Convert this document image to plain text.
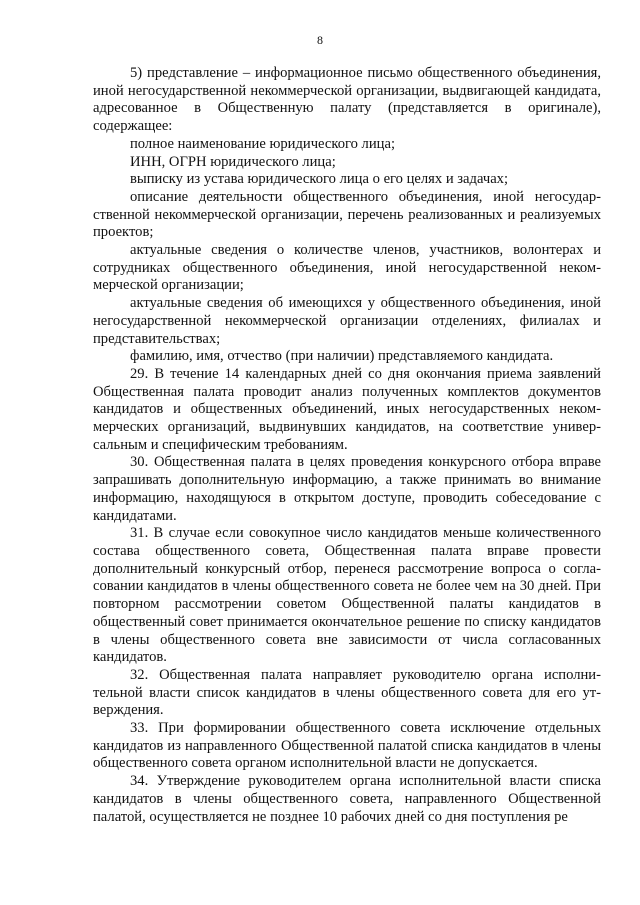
8

5) представление – информационное письмо общественного объединения, иной негосударственной некоммерческой организации, выдвигающей кандидата, адресованное в Общественную палату (представляется в оригинале), содержащее:

полное наименование юридического лица;

ИНН, ОГРН юридического лица;

выписку из устава юридического лица о его целях и задачах;

описание деятельности общественного объединения, иной негосударственной некоммерческой организации, перечень реализованных и реализуемых проектов;

актуальные сведения о количестве членов, участников, волонтерах и сотрудниках общественного объединения, иной негосударственной некоммерческой организации;

актуальные сведения об имеющихся у общественного объединения, иной негосударственной некоммерческой организации отделениях, филиалах и представительствах;

фамилию, имя, отчество (при наличии) представляемого кандидата.

29. В течение 14 календарных дней со дня окончания приема заявлений Общественная палата проводит анализ полученных комплектов документов кандидатов и общественных объединений, иных негосударственных некоммерческих организаций, выдвинувших кандидатов, на соответствие универсальным и специфическим требованиям.

30. Общественная палата в целях проведения конкурсного отбора вправе запрашивать дополнительную информацию, а также принимать во внимание информацию, находящуюся в открытом доступе, проводить собеседование с кандидатами.

31. В случае если совокупное число кандидатов меньше количественного состава общественного совета, Общественная палата вправе провести дополнительный конкурсный отбор, перенеся рассмотрение вопроса о согласовании кандидатов в члены общественного совета не более чем на 30 дней. При повторном рассмотрении советом Общественной палаты кандидатов в общественный совет принимается окончательное решение по списку кандидатов в члены общественного совета вне зависимости от числа согласованных кандидатов.

32. Общественная палата направляет руководителю органа исполнительной власти список кандидатов в члены общественного совета для его утверждения.

33. При формировании общественного совета исключение отдельных кандидатов из направленного Общественной палатой списка кандидатов в члены общественного совета органом исполнительной власти не допускается.

34. Утверждение руководителем органа исполнительной власти списка кандидатов в члены общественного совета, направленного Общественной палатой, осуществляется не позднее 10 рабочих дней со дня поступления ре
